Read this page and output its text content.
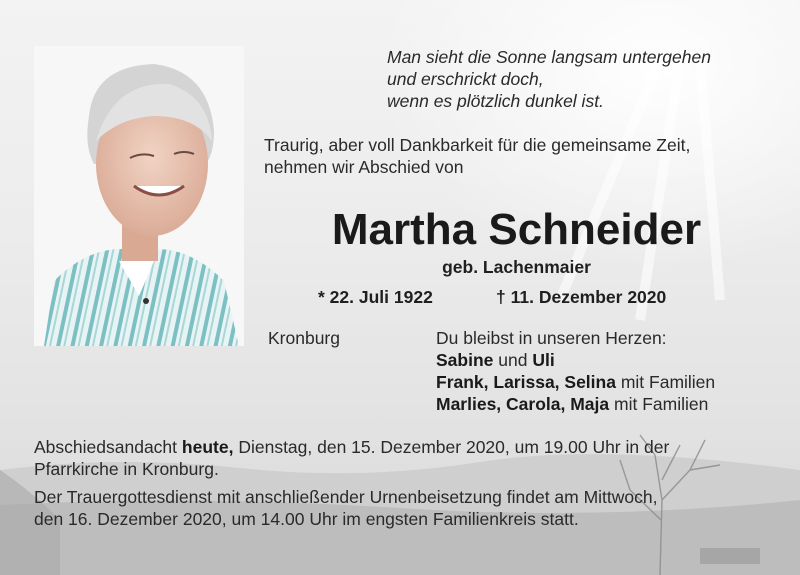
Man sieht die Sonne langsam untergehen
und erschrickt doch,
wenn es plötzlich dunkel ist.
Traurig, aber voll Dankbarkeit für die gemeinsame Zeit,
nehmen wir Abschied von
Martha Schneider
geb. Lachenmaier
* 22. Juli 1922	† 11. Dezember 2020
Kronburg	Du bleibst in unseren Herzen:
Sabine und Uli
Frank, Larissa, Selina mit Familien
Marlies, Carola, Maja mit Familien

Abschiedsandacht heute, Dienstag, den 15. Dezember 2020, um 19.00 Uhr in der
Pfarrkirche in Kronburg.

Der Trauergottesdienst mit anschließender Urnenbeisetzung findet am Mittwoch,
den 16. Dezember 2020, um 14.00 Uhr im engsten Familienkreis statt.
